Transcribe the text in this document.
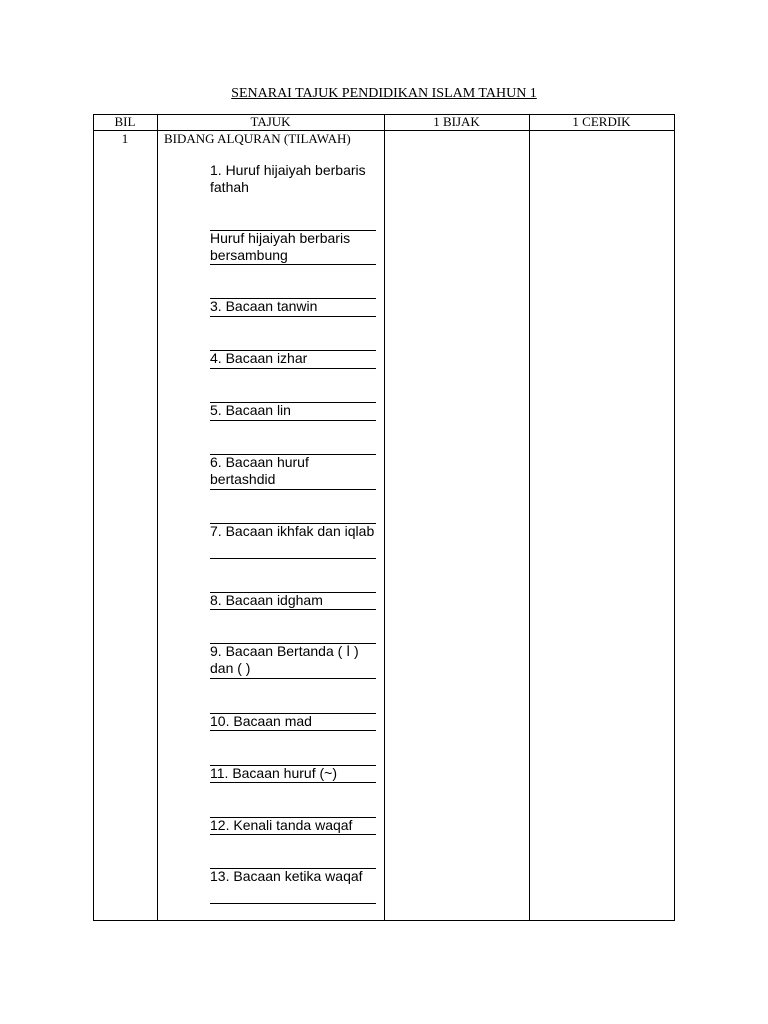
SENARAI TAJUK PENDIDIKAN ISLAM TAHUN 1
BIL	TAJUK	1 BIJAK	1 CERDIK
1	BIDANG ALQURAN (TILAWAH)
1. Huruf hijaiyah berbaris fathah
Huruf hijaiyah berbaris bersambung
3. Bacaan tanwin
4. Bacaan izhar
5. Bacaan lin
6. Bacaan huruf bertashdid
7. Bacaan ikhfak dan iqlab
8. Bacaan idgham
9. Bacaan Bertanda ( ا ) dan ( )
10. Bacaan mad
11. Bacaan huruf (~)
12. Kenali tanda waqaf
13. Bacaan ketika waqaf
